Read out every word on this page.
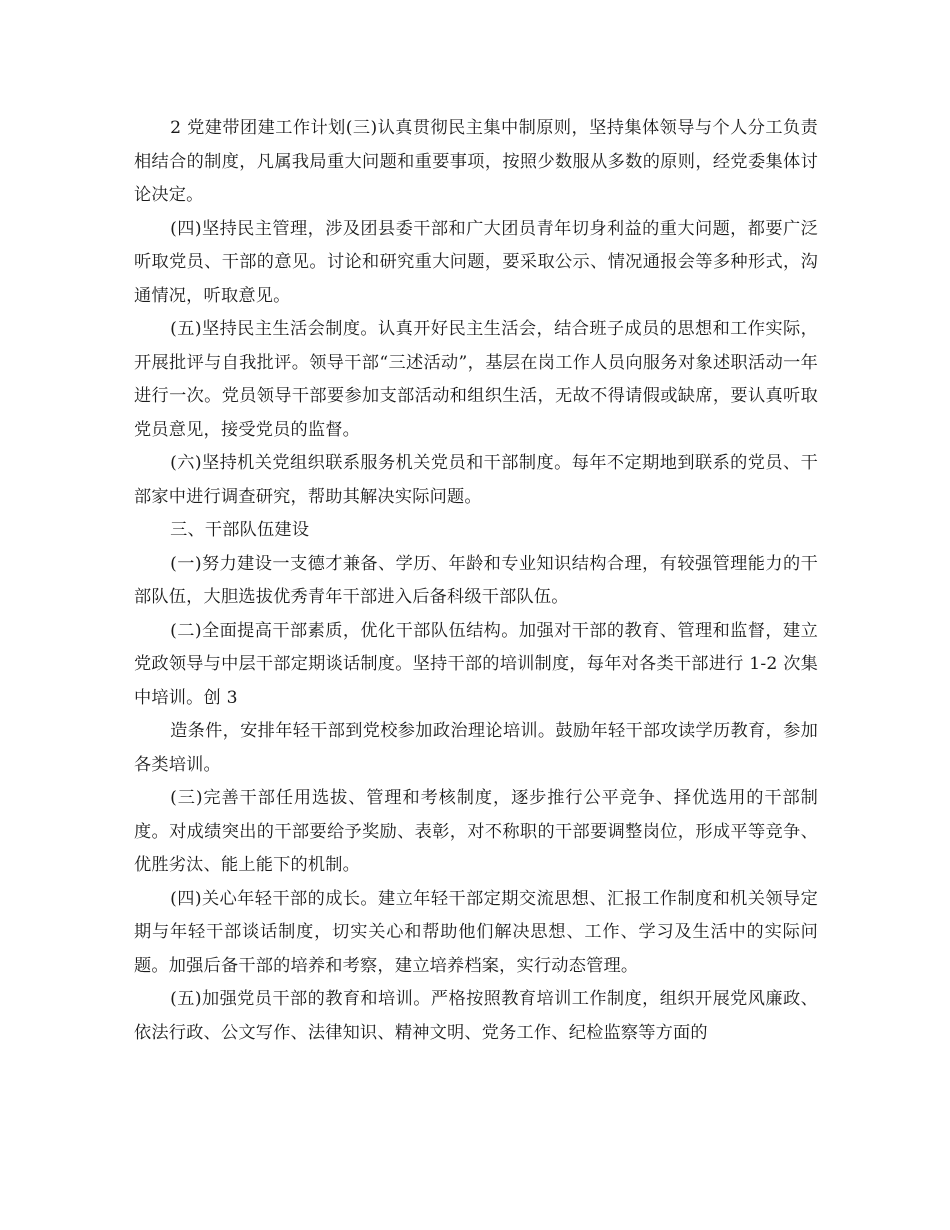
2 党建带团建工作计划(三)认真贯彻民主集中制原则，坚持集体领导与个人分工负责相结合的制度，凡属我局重大问题和重要事项，按照少数服从多数的原则，经党委集体讨论决定。

(四)坚持民主管理，涉及团县委干部和广大团员青年切身利益的重大问题，都要广泛听取党员、干部的意见。讨论和研究重大问题，要采取公示、情况通报会等多种形式，沟通情况，听取意见。

(五)坚持民主生活会制度。认真开好民主生活会，结合班子成员的思想和工作实际，开展批评与自我批评。领导干部“三述活动”，基层在岗工作人员向服务对象述职活动一年进行一次。党员领导干部要参加支部活动和组织生活，无故不得请假或缺席，要认真听取党员意见，接受党员的监督。

(六)坚持机关党组织联系服务机关党员和干部制度。每年不定期地到联系的党员、干部家中进行调查研究，帮助其解决实际问题。

三、干部队伍建设

(一)努力建设一支德才兼备、学历、年龄和专业知识结构合理，有较强管理能力的干部队伍，大胆选拔优秀青年干部进入后备科级干部队伍。

(二)全面提高干部素质，优化干部队伍结构。加强对干部的教育、管理和监督，建立党政领导与中层干部定期谈话制度。坚持干部的培训制度，每年对各类干部进行 1-2 次集中培训。创 3

造条件，安排年轻干部到党校参加政治理论培训。鼓励年轻干部攻读学历教育，参加各类培训。

(三)完善干部任用选拔、管理和考核制度，逐步推行公平竞争、择优选用的干部制度。对成绩突出的干部要给予奖励、表彰，对不称职的干部要调整岗位，形成平等竞争、优胜劣汰、能上能下的机制。

(四)关心年轻干部的成长。建立年轻干部定期交流思想、汇报工作制度和机关领导定期与年轻干部谈话制度，切实关心和帮助他们解决思想、工作、学习及生活中的实际问题。加强后备干部的培养和考察，建立培养档案，实行动态管理。

(五)加强党员干部的教育和培训。严格按照教育培训工作制度，组织开展党风廉政、依法行政、公文写作、法律知识、精神文明、党务工作、纪检监察等方面的
